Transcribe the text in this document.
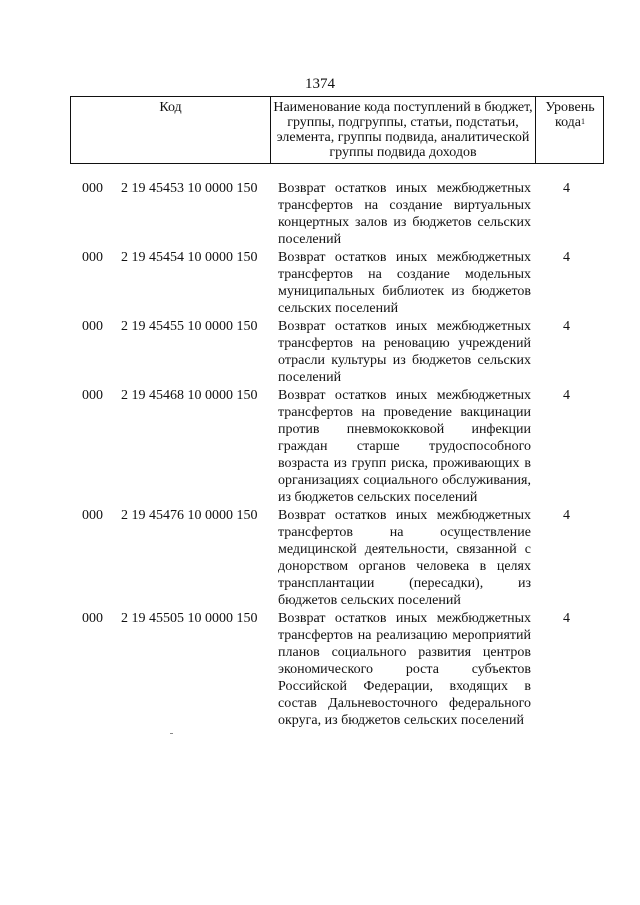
1374
Код	Наименование кода поступлений в бюджет, группы, подгруппы, статьи, подстатьи, элемента, группы подвида, аналитической группы подвида доходов
Уровень кода$^1$
000 2 19 45453 10 0000 150 Возврат остатков иных межбюджетных трансфертов на создание виртуальных концертных залов из бюджетов сельских поселений
4
000 2 19 45454 10 0000 150 Возврат остатков иных межбюджетных трансфертов на создание модельных муниципальных библиотек из бюджетов сельских поселений
4
000 2 19 45455 10 0000 150 Возврат остатков иных межбюджетных трансфертов на реновацию учреждений отрасли культуры из бюджетов сельских поселений
4
000 2 19 45468 10 0000 150 Возврат остатков иных межбюджетных трансфертов на проведение вакцинации против пневмококковой инфекции граждан старше трудоспособного возраста из групп риска, проживающих в организациях социального обслуживания, из бюджетов сельских поселений
4
000 2 19 45476 10 0000 150 Возврат остатков иных межбюджетных трансфертов на осуществление медицинской деятельности, связанной с донорством органов человека в целях трансплантации (пересадки), из бюджетов сельских поселений
4
000 2 19 45505 10 0000 150 Возврат остатков иных межбюджетных трансфертов на реализацию мероприятий планов социального развития центров экономического роста субъектов Российской Федерации, входящих в состав Дальневосточного федерального округа, из бюджетов сельских поселений
4
